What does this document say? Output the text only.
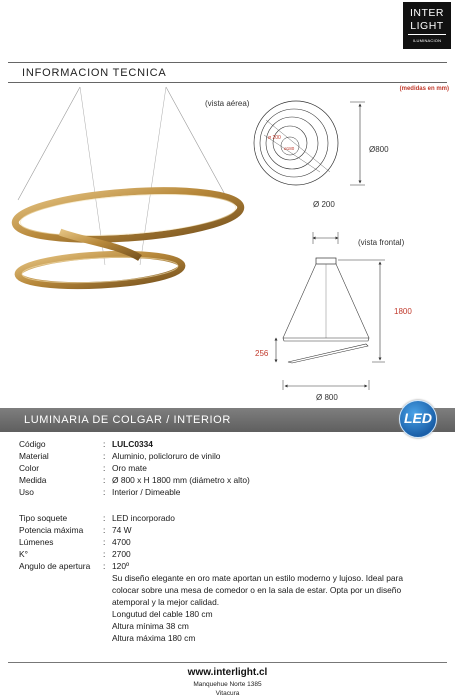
INTER
LIGHT
ILUMINACION
INFORMACION TECNICA
(medidas en mm)
(vista aérea)
ø 200
ø180	Ø800
Ø 200
(vista frontal)
1800
256
Ø 800
LUMINARIA DE COLGAR / INTERIOR	LED
Código	: LULC0334
Material	: Aluminio, policloruro de vinilo
Color	: Oro mate
Medida	: Ø 800 x H 1800 mm (diámetro x alto)
Uso	: Interior / Dimeable
Tipo soquete	: LED incorporado
Potencia máxima	: 74 W
Lúmenes	: 4700
K°	: 2700
Angulo de apertura	: 120º
Su diseño elegante en oro mate aportan un estilo moderno y lujoso. Ideal para
colocar sobre una mesa de comedor o en la sala de estar. Opta por un diseño
atemporal y la mejor calidad.
Longutud del cable 180 cm
Altura mínima 38 cm
Altura máxima 180 cm
www.interlight.cl
Manquehue Norte 1385
Vitacura
